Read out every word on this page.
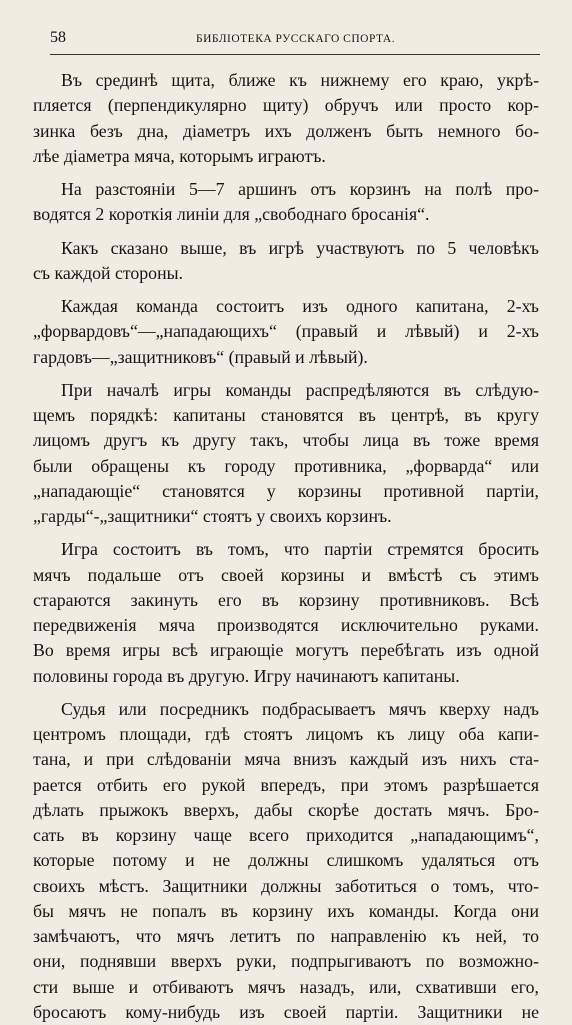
58	БИБЛІОТЕКА РУССКАГО СПОРТА.

Въ срединѣ щита, ближе къ нижнему его краю, укрѣ-
пляется (перпендикулярно щиту) обручъ или просто кор-
зинка безъ дна, діаметръ ихъ долженъ быть немного бо-
лѣе діаметра мяча, которымъ играютъ.

На разстояніи 5—7 аршинъ отъ корзинъ на полѣ про-
водятся 2 короткія линіи для „свободнаго бросанія“.

Какъ сказано выше, въ игрѣ участвуютъ по 5 человѣкъ
съ каждой стороны.

Каждая команда состоитъ изъ одного капитана, 2-хъ
„форвардовъ“—„нападающихъ“ (правый и лѣвый) и 2-хъ
гардовъ—„защитниковъ“ (правый и лѣвый).

При началѣ игры команды распредѣляются въ слѣдую-
щемъ порядкѣ: капитаны становятся въ центрѣ, въ кругу
лицомъ другъ къ другу такъ, чтобы лица въ тоже время
были обращены къ городу противника, „форварда“ или
„нападающіе“ становятся у корзины противной партіи,
„гарды“-„защитники“ стоятъ у своихъ корзинъ.

Игра состоитъ въ томъ, что партіи стремятся бросить
мячъ подальше отъ своей корзины и вмѣстѣ съ этимъ
стараются закинуть его въ корзину противниковъ. Всѣ
передвиженія мяча производятся исключительно руками.
Во время игры всѣ играющіе могутъ перебѣгать изъ одной
половины города въ другую. Игру начинаютъ капитаны.

Судья или посредникъ подбрасываетъ мячъ кверху надъ
центромъ площади, гдѣ стоятъ лицомъ къ лицу оба капи-
тана, и при слѣдованіи мяча внизъ каждый изъ нихъ ста-
рается отбить его рукой впередъ, при этомъ разрѣшается
дѣлать прыжокъ вверхъ, дабы скорѣе достать мячъ. Бро-
сать въ корзину чаще всего приходится „нападающимъ“,
которые потому и не должны слишкомъ удаляться отъ
своихъ мѣстъ. Защитники должны заботиться о томъ, что-
бы мячъ не попалъ въ корзину ихъ команды. Когда они
замѣчаютъ, что мячъ летитъ по направленію къ ней, то
они, поднявши вверхъ руки, подпрыгиваютъ по возможно-
сти выше и отбиваютъ мячъ назадъ, или, схвативши его,
бросаютъ кому-нибудь изъ своей партіи. Защитники не
